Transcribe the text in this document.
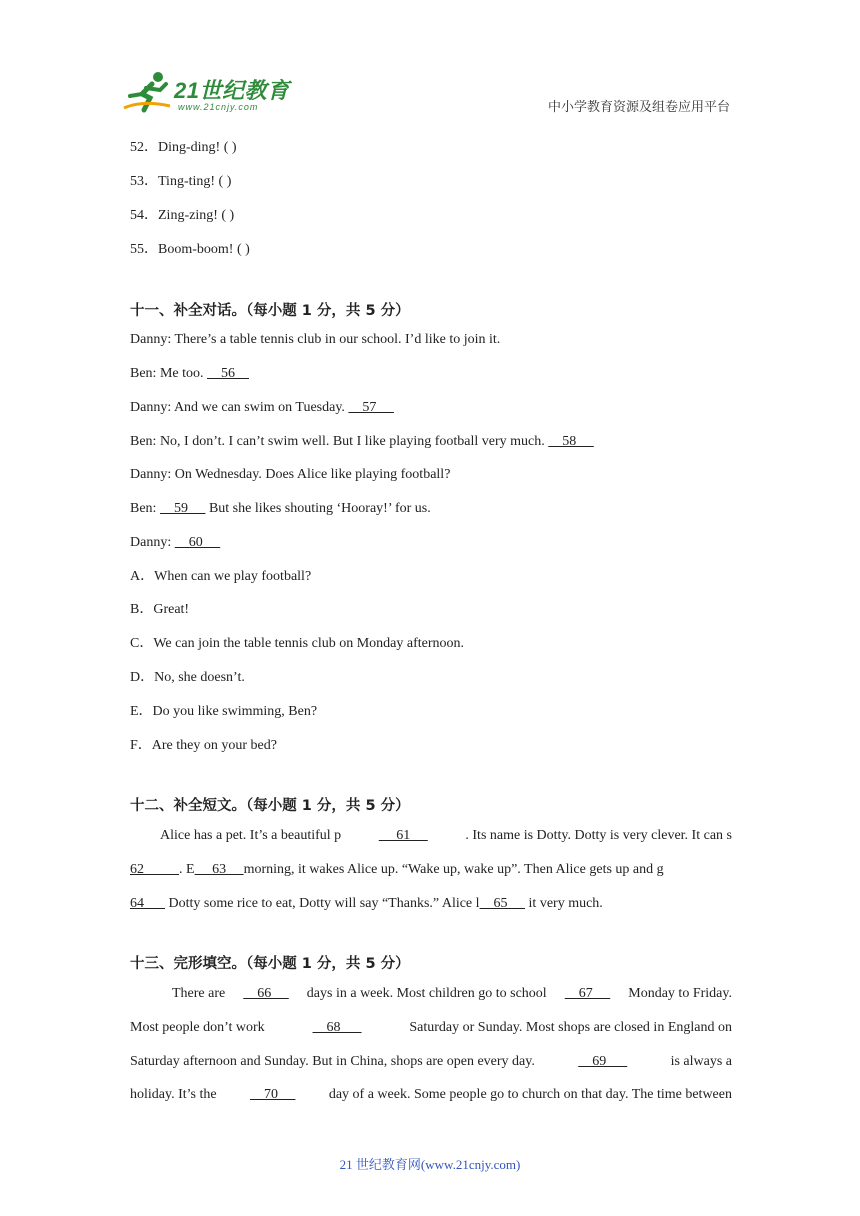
21世纪教育
www.21cnjy.com	中小学教育资源及组卷应用平台
52．Ding-ding! ( )
53．Ting-ting! ( )
54．Zing-zing! ( )
55．Boom-boom! ( )
十一、补全对话。（每小题 1 分，共 5 分）
Danny: There’s a table tennis club in our school. I’d like to join it.
Ben: Me too.     56
Danny: And we can swim on Tuesday.     57
Ben: No, I don’t. I can’t swim well. But I like playing football very much.     58
Danny: On Wednesday. Does Alice like playing football?
Ben:     59      But she likes shouting ‘Hooray!’ for us.
Danny:     60
A．When can we play football?
B．Great!
C．We can join the table tennis club on Monday afternoon.
D．No, she doesn’t.
E．Do you like swimming, Ben?
F．Are they on your bed?
十二、补全短文。（每小题 1 分，共 5 分）
Alice has a pet. It’s a beautiful p	61	. Its name is Dotty. Dotty is very clever. It can s
62 . E 63 morning, it wakes Alice up. “Wake up, wake up”. Then Alice gets up and g
64       Dotty some rice to eat, Dotty will say “Thanks.” Alice l    65      it very much.
十三、完形填空。（每小题 1 分，共 5 分）
There are 66 days in a week. Most children go to school 67 Monday to Friday.
Most people don’t work	68	Saturday or Sunday. Most shops are closed in England on
Saturday afternoon and Sunday. But in China, shops are open every day.	69	is always a
holiday. It’s the 70 day of a week. Some people go to church on that day. The time between
21 世纪教育网(www.21cnjy.com)
